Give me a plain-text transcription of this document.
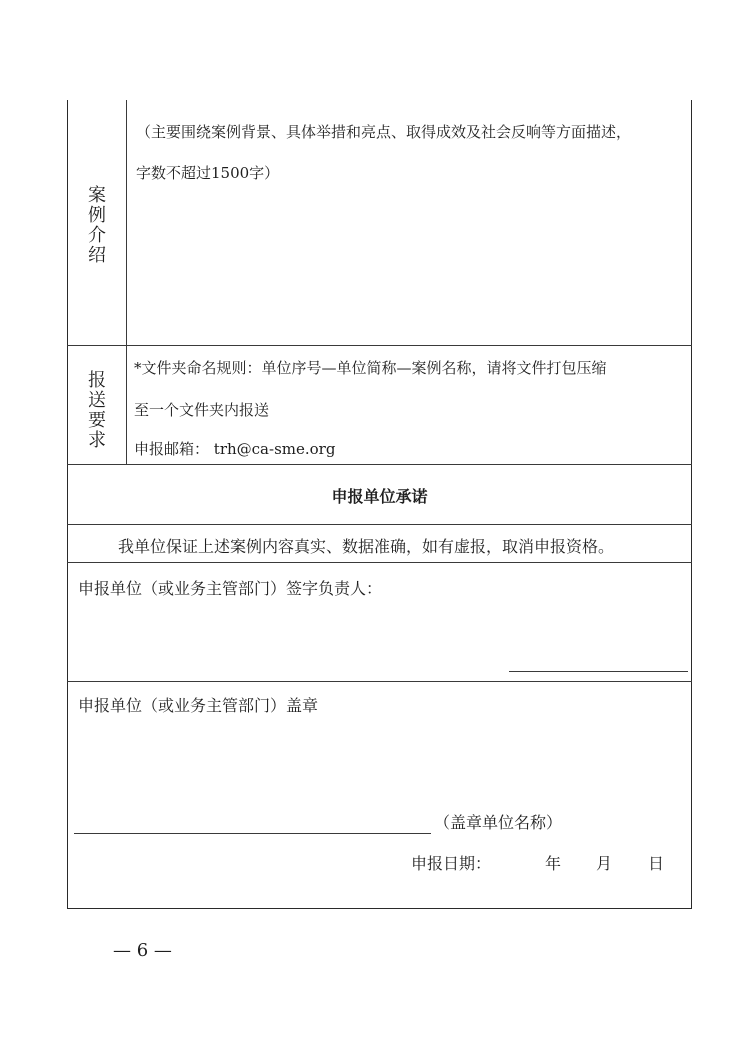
案例介绍
（主要围绕案例背景、具体举措和亮点、取得成效及社会反响等方面描述，
字数不超过1500字）
报送要求
*文件夹命名规则：单位序号—单位简称—案例名称，请将文件打包压缩
至一个文件夹内报送
申报邮箱： trh@ca-sme.org
申报单位承诺
我单位保证上述案例内容真实、数据准确，如有虚报，取消申报资格。
申报单位（或业务主管部门）签字负责人：
申报单位（或业务主管部门）盖章
（盖章单位名称）
申报日期：	年 月 日
— 6 —
